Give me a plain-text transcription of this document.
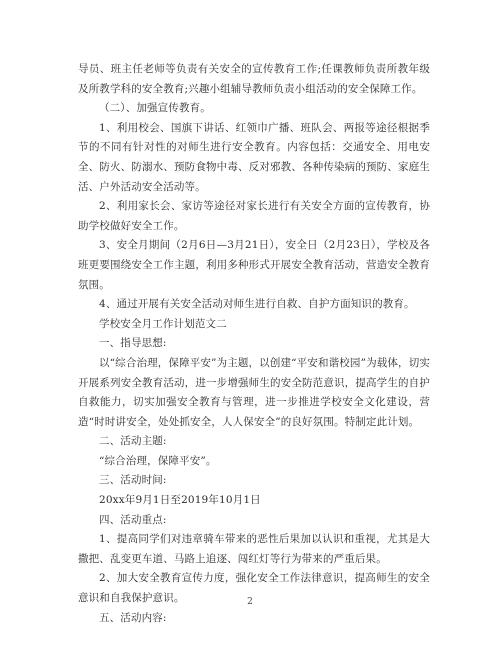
导员、班主任老师等负责有关安全的宣传教育工作;任课教师负责所教年级及所教学科的安全教育;兴趣小组辅导教师负责小组活动的安全保障工作。

（二）、加强宣传教育。

1、利用校会、国旗下讲话、红领巾广播、班队会、两报等途径根据季节的不同有针对性的对师生进行安全教育。内容包括：交通安全、用电安全、防火、防溺水、预防食物中毒、反对邪教、各种传染病的预防、家庭生活、户外活动安全活动等。

2、利用家长会、家访等途径对家长进行有关安全方面的宣传教育，协助学校做好安全工作。

3、安全月期间（2月6日—3月21日），安全日（2月23日），学校及各班更要围绕安全工作主题，利用多种形式开展安全教育活动，营造安全教育氛围。

4、通过开展有关安全活动对师生进行自救、自护方面知识的教育。

学校安全月工作计划范文二

一、指导思想:

以“综合治理，保障平安”为主题，以创建“平安和谐校园”为载体，切实开展系列安全教育活动，进一步增强师生的安全防范意识，提高学生的自护自救能力，切实加强安全教育与管理，进一步推进学校安全文化建设，营造“时时讲安全，处处抓安全，人人保安全”的良好氛围。特制定此计划。

二、活动主题:

“综合治理，保障平安”。

三、活动时间:

20xx年9月1日至2019年10月1日

四、活动重点:

1、提高同学们对违章骑车带来的恶性后果加以认识和重视，尤其是大撒把、乱变更车道、马路上追逐、闯红灯等行为带来的严重后果。

2、加大安全教育宣传力度，强化安全工作法律意识，提高师生的安全意识和自我保护意识。

五、活动内容:

2
